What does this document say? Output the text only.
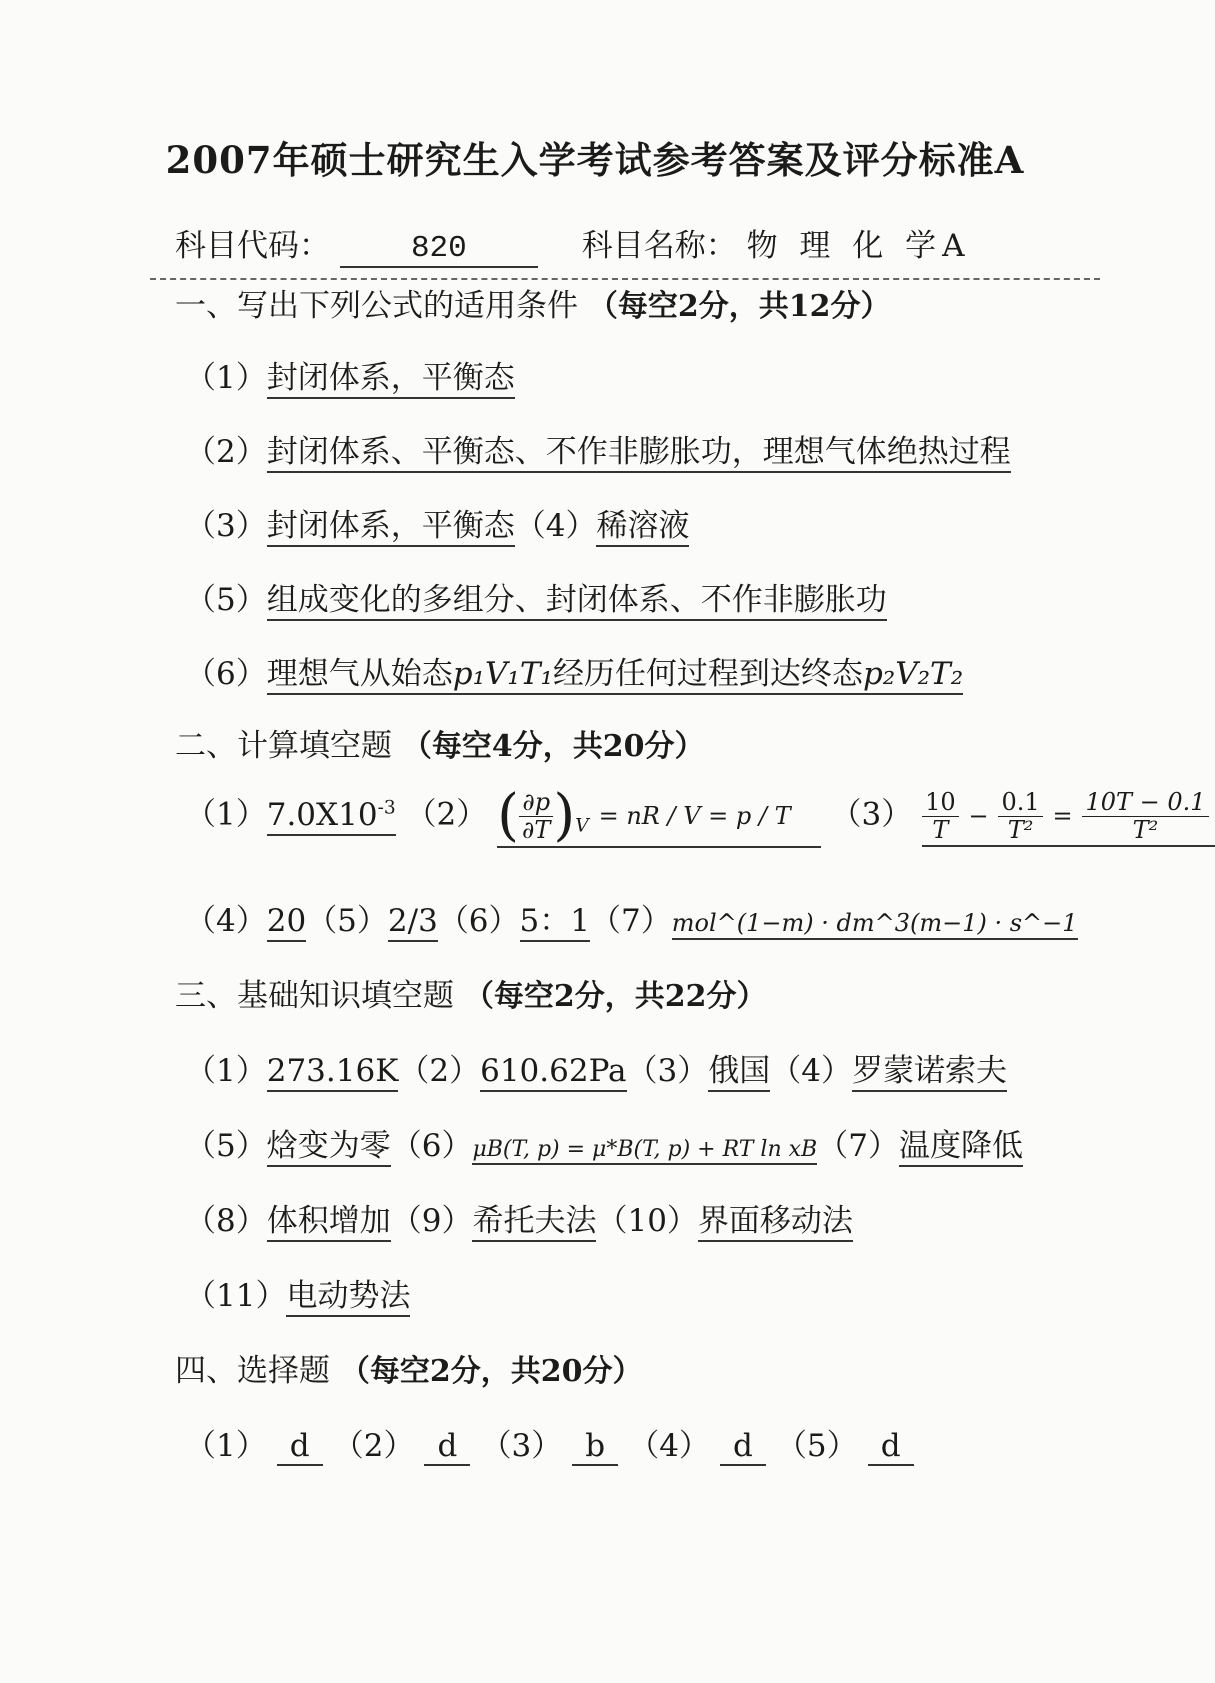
2007年硕士研究生入学考试参考答案及评分标准A
科目代码：	820	科目名称： 物 理 化 学A
一、写出下列公式的适用条件 （每空2分，共12分）
（1）封闭体系，平衡态
（2）封闭体系、平衡态、不作非膨胀功，理想气体绝热过程
（3）封闭体系，平衡态（4）稀溶液
（5）组成变化的多组分、封闭体系、不作非膨胀功
（6）理想气从始态p₁V₁T₁经历任何过程到达终态p₂V₂T₂
二、计算填空题 （每空4分，共20分）
$(1)7.0X10^{-3}$ （2） ( $\frac{\partial p}{\partial T} )_V$ = nR / V = p / T $(3) \frac{10}{T} - \frac{0.1}{\text{T²}} = \frac{10T - 0.1}{\text{T²}}$
（4）20（5）2/3（6）5：1（7）mol^(1−m) · dm^3(m−1) · s^−1
三、基础知识填空题 （每空2分，共22分）
（1）273.16K（2）610.62Pa（3）俄国（4）罗蒙诺索夫
（5）焓变为零（6）μB(T, p) = μ*B(T, p) + RT ln xB（7）温度降低
（8）体积增加（9）希托夫法（10）界面移动法
（11）电动势法
四、选择题 （每空2分，共20分）
（1） d （2） d （3） b （4） d （5） d
